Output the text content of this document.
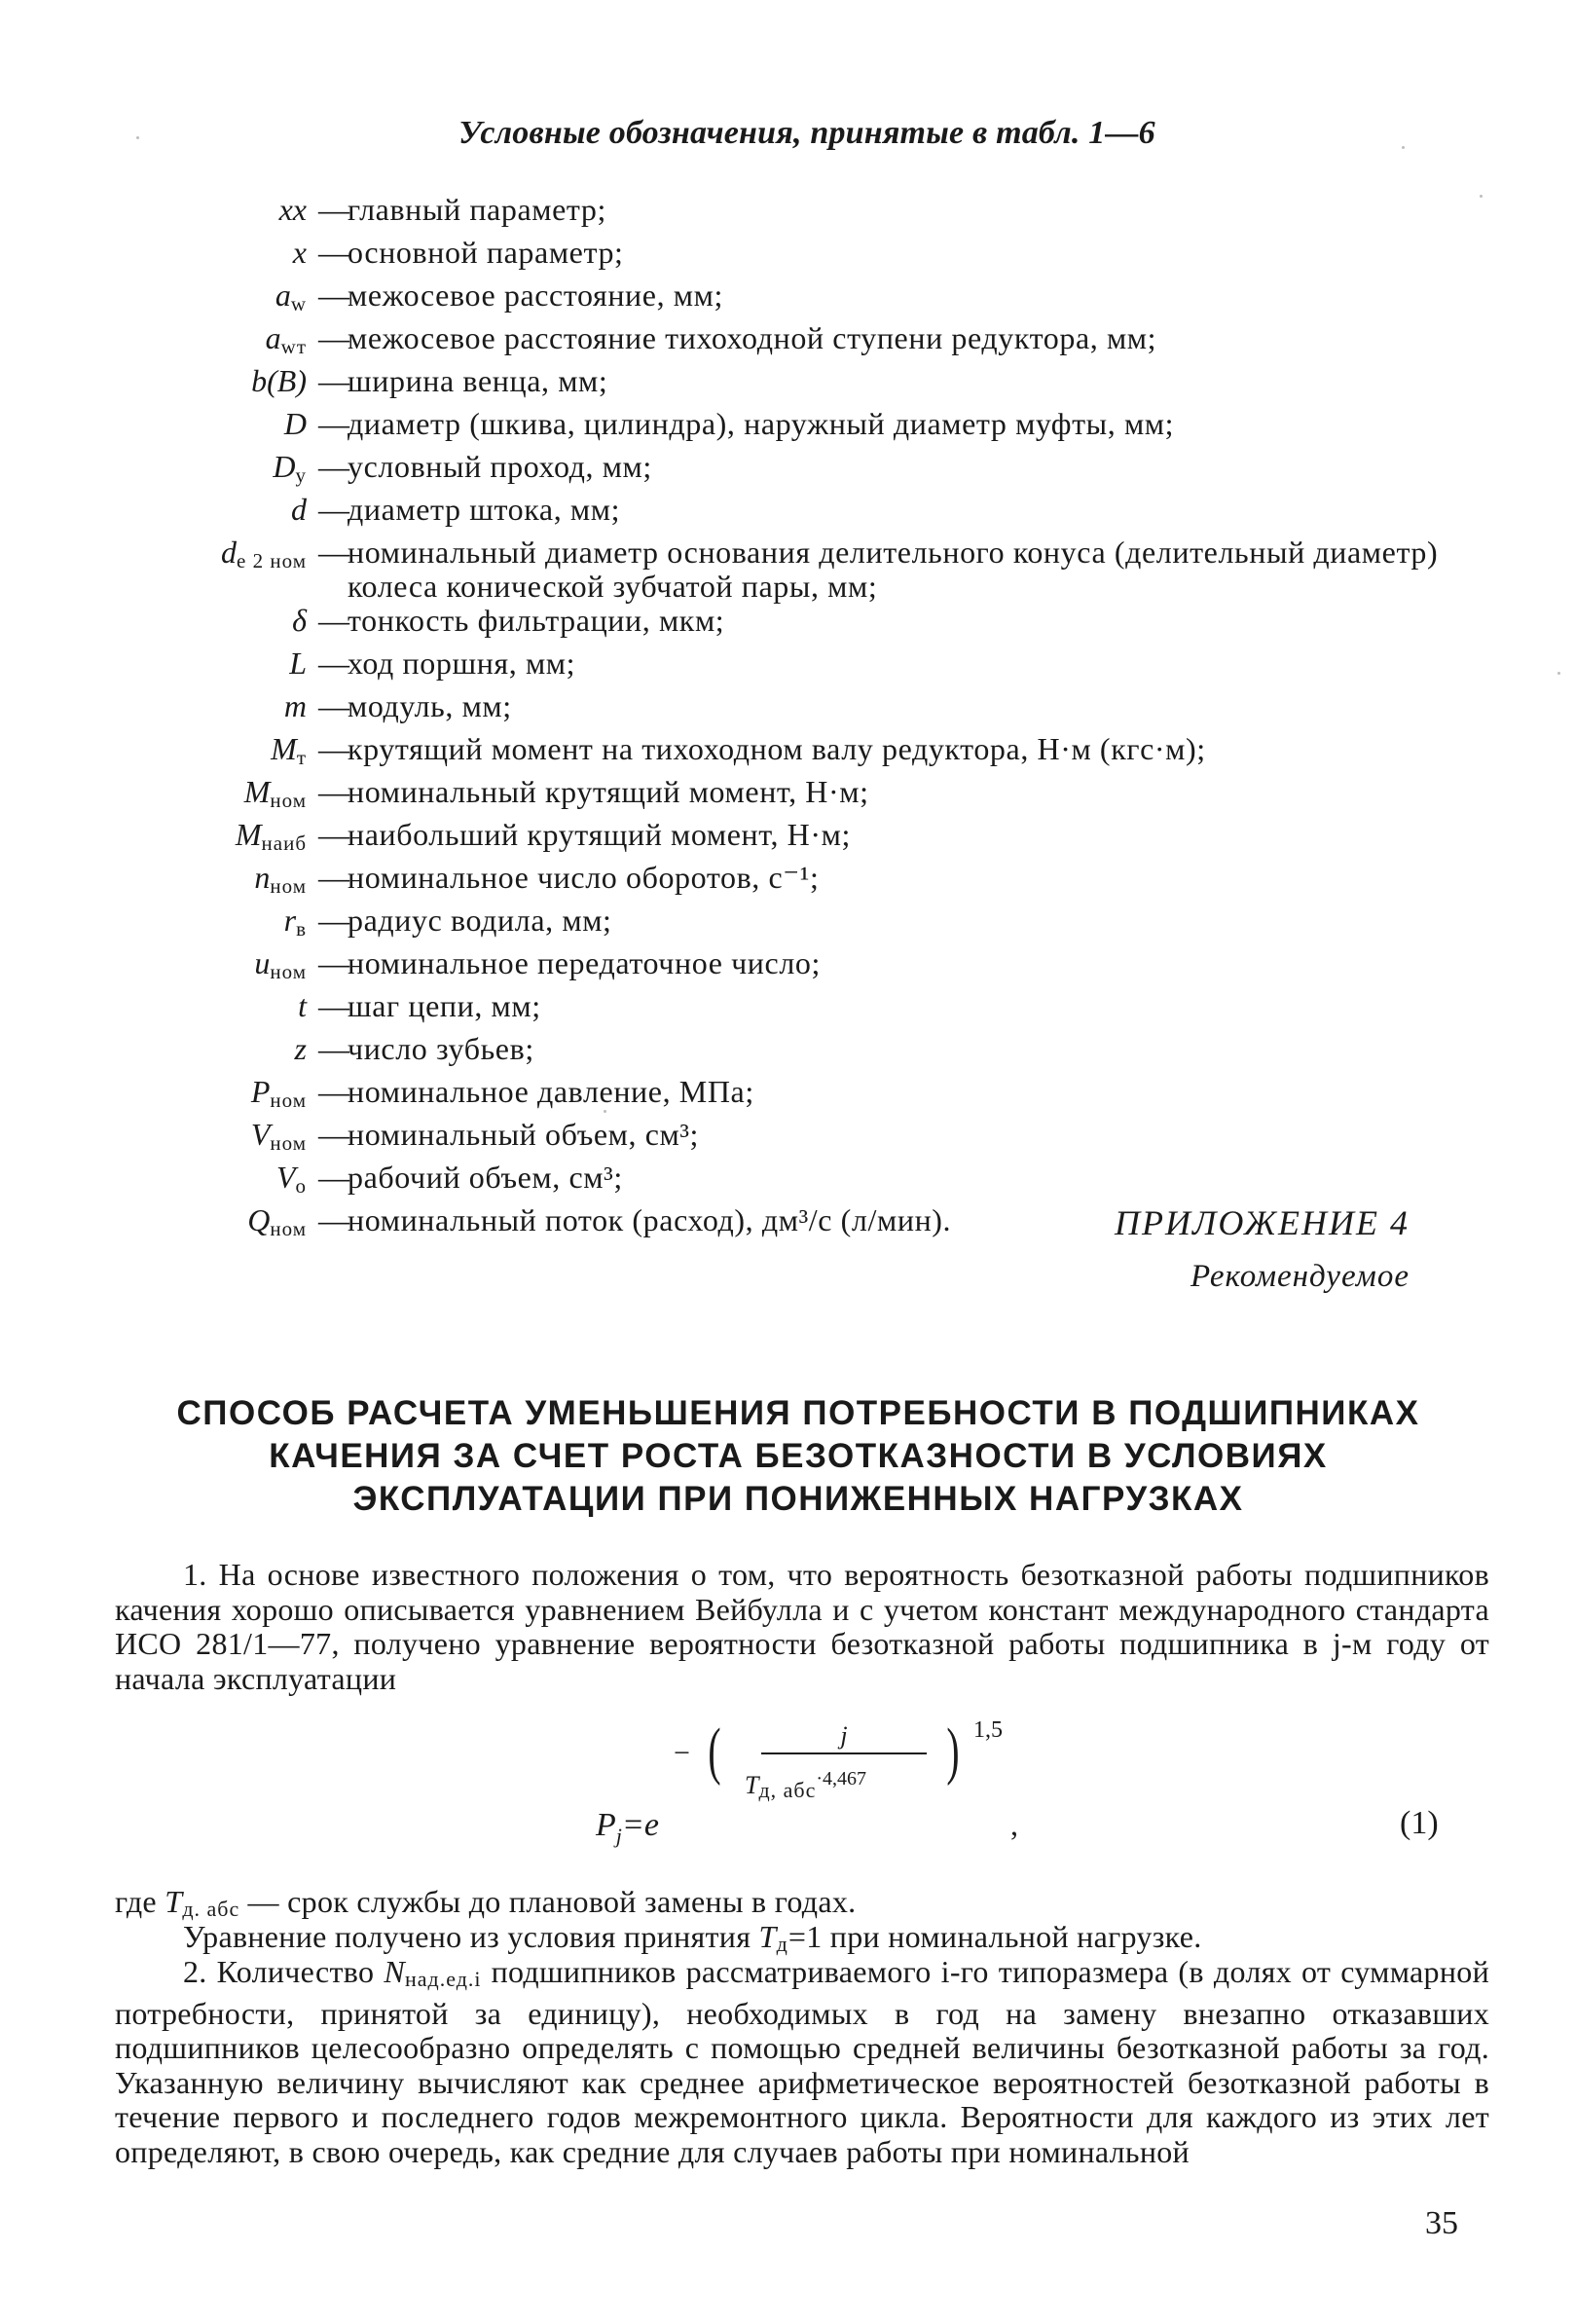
Условные обозначения, принятые в табл. 1—6
xx —
главный параметр;
x —
основной параметр;
$a_w$ —
межосевое расстояние, мм;
$a_{wт}$ —
межосевое расстояние тихоходной ступени редуктора, мм;
b(B) —
ширина венца, мм;
D —
диаметр (шкива, цилиндра), наружный диаметр муфты, мм;
$D_у$ —
условный проход, мм;
d —
диаметр штока, мм;
$d_{e 2 ном}$ —
номинальный диаметр основания делительного конуса (делительный диаметр) колеса конической зубчатой пары, мм;
δ —
тонкость фильтрации, мкм;
L —
ход поршня, мм;
m —
модуль, мм;
$M_т$ —
крутящий момент на тихоходном валу редуктора, Н·м (кгс·м);
$M_{ном}$ —
номинальный крутящий момент, Н·м;
$M_{наиб}$ —
наибольший крутящий момент, Н·м;
$n_{ном}$ —
номинальное число оборотов, с⁻¹;
$r_в$ —
радиус водила, мм;
$u_{ном}$ —
номинальное передаточное число;
t —
шаг цепи, мм;
z —
число зубьев;
$P_{ном}$ —
номинальное давление, МПа;
$V_{ном}$ —
номинальный объем, см³;
$V_о$ —
рабочий объем, см³;
$Q_{ном}$ —
номинальный поток (расход), дм³/с (л/мин).	ПРИЛОЖЕНИЕ 4
Рекомендуемое
СПОСОБ РАСЧЕТА УМЕНЬШЕНИЯ ПОТРЕБНОСТИ В ПОДШИПНИКАХ
КАЧЕНИЯ ЗА СЧЕТ РОСТА БЕЗОТКАЗНОСТИ В УСЛОВИЯХ
ЭКСПЛУАТАЦИИ ПРИ ПОНИЖЕННЫХ НАГРУЗКАХ
1. На основе известного положения о том, что вероятность безотказной работы подшипников качения хорошо описывается уравнением Вейбулла и с учетом констант международного стандарта ИСО 281/1—77, получено уравнение вероятности безотказной работы подшипника в j-м году от начала эксплуатации
$P_j=e$
− (	j
Tд, абс$^{\cdot 4,467}$ ) 1,5
,	(1)
где Tд. абс — срок службы до плановой замены в годах.
Уравнение получено из условия принятия Tд=1 при номинальной нагрузке.
2. Количество Nнад.ед.i подшипников рассматриваемого i-го типоразмера (в долях от суммарной потребности, принятой за единицу), необходимых в год на замену внезапно отказавших подшипников целесообразно определять с помощью средней величины безотказной работы за год. Указанную величину вычисляют как среднее арифметическое вероятностей безотказной работы в течение первого и последнего годов межремонтного цикла. Вероятности для каждого из этих лет определяют, в свою очередь, как средние для случаев работы при номинальной
35
